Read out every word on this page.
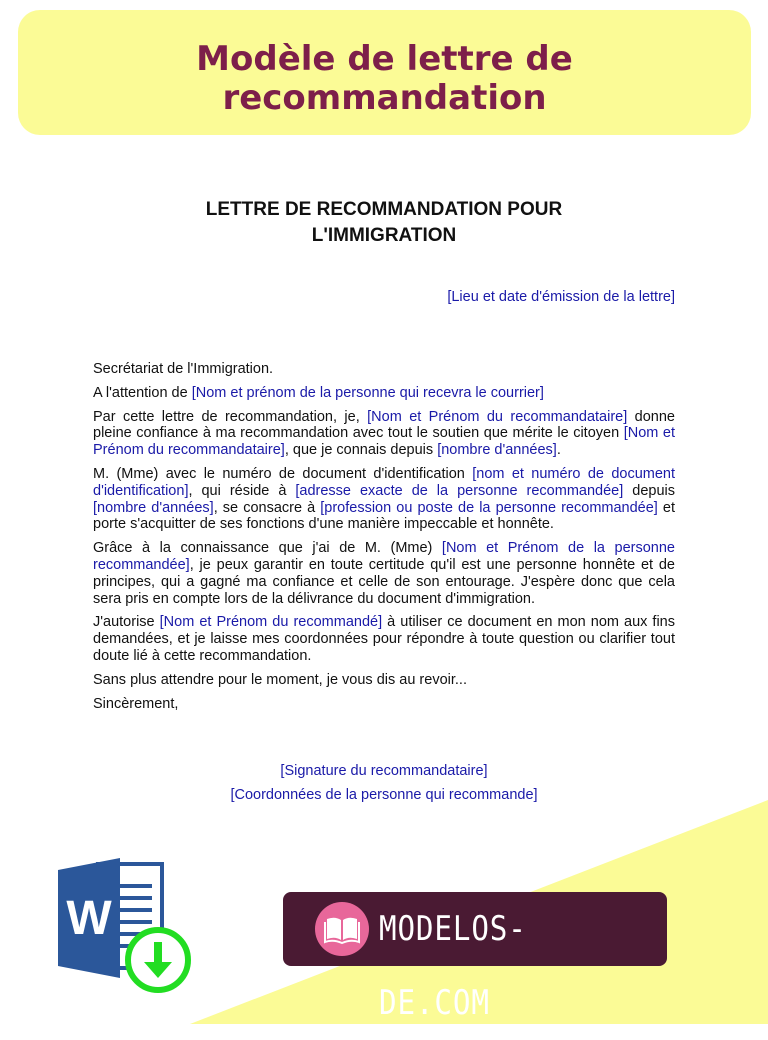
Modèle de lettre de
recommandation
LETTRE DE RECOMMANDATION POUR
L'IMMIGRATION
[Lieu et date d'émission de la lettre]

Secrétariat de l'Immigration.

A l'attention de [Nom et prénom de la personne qui recevra le courrier]

Par cette lettre de recommandation, je, [Nom et Prénom du recommandataire] donne pleine confiance à ma recommandation avec tout le soutien que mérite le citoyen [Nom et Prénom du recommandataire], que je connais depuis [nombre d'années].

M. (Mme) avec le numéro de document d'identification [nom et numéro de document d'identification], qui réside à [adresse exacte de la personne recommandée] depuis [nombre d'années], se consacre à [profession ou poste de la personne recommandée] et porte s'acquitter de ses fonctions d'une manière impeccable et honnête.

Grâce à la connaissance que j'ai de M. (Mme) [Nom et Prénom de la personne recommandée], je peux garantir en toute certitude qu'il est une personne honnête et de principes, qui a gagné ma confiance et celle de son entourage. J'espère donc que cela sera pris en compte lors de la délivrance du document d'immigration.

J'autorise [Nom et Prénom du recommandé] à utiliser ce document en mon nom aux fins demandées, et je laisse mes coordonnées pour répondre à toute question ou clarifier tout doute lié à cette recommandation.

Sans plus attendre pour le moment, je vous dis au revoir...

Sincèrement,

[Signature du recommandataire]
[Coordonnées de la personne qui recommande]
W	MODELOS-DE.COM
